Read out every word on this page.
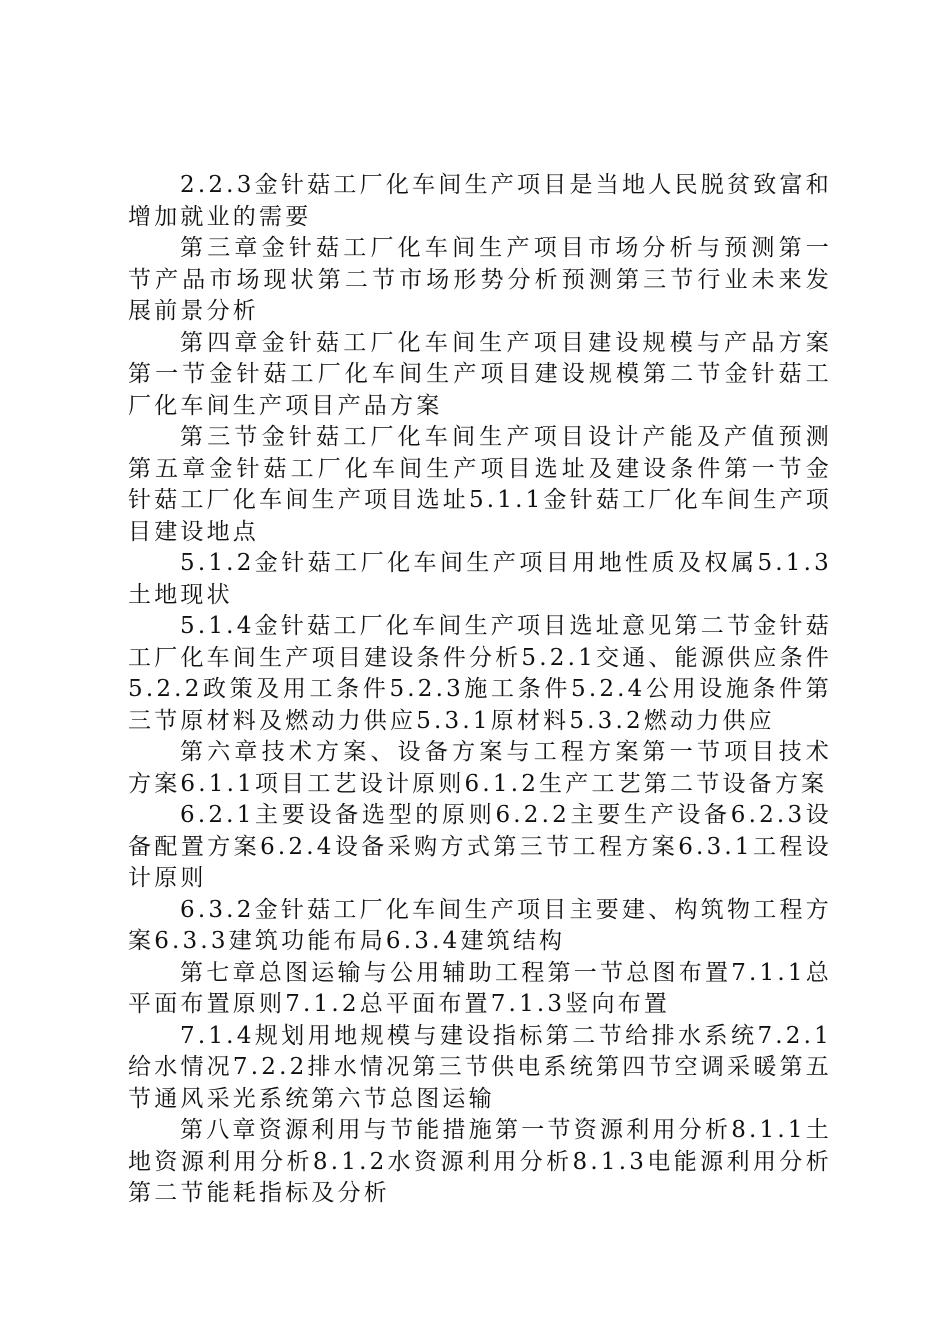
2.2.3金针菇工厂化车间生产项目是当地人民脱贫致富和增加就业的需要

第三章金针菇工厂化车间生产项目市场分析与预测第一节产品市场现状第二节市场形势分析预测第三节行业未来发展前景分析

第四章金针菇工厂化车间生产项目建设规模与产品方案第一节金针菇工厂化车间生产项目建设规模第二节金针菇工厂化车间生产项目产品方案

第三节金针菇工厂化车间生产项目设计产能及产值预测第五章金针菇工厂化车间生产项目选址及建设条件第一节金针菇工厂化车间生产项目选址5.1.1金针菇工厂化车间生产项目建设地点

5.1.2金针菇工厂化车间生产项目用地性质及权属5.1.3土地现状

5.1.4金针菇工厂化车间生产项目选址意见第二节金针菇工厂化车间生产项目建设条件分析5.2.1交通、能源供应条件5.2.2政策及用工条件5.2.3施工条件5.2.4公用设施条件第三节原材料及燃动力供应5.3.1原材料5.3.2燃动力供应

第六章技术方案、设备方案与工程方案第一节项目技术方案6.1.1项目工艺设计原则6.1.2生产工艺第二节设备方案

6.2.1主要设备选型的原则6.2.2主要生产设备6.2.3设备配置方案6.2.4设备采购方式第三节工程方案6.3.1工程设计原则

6.3.2金针菇工厂化车间生产项目主要建、构筑物工程方案6.3.3建筑功能布局6.3.4建筑结构

第七章总图运输与公用辅助工程第一节总图布置7.1.1总平面布置原则7.1.2总平面布置7.1.3竖向布置

7.1.4规划用地规模与建设指标第二节给排水系统7.2.1给水情况7.2.2排水情况第三节供电系统第四节空调采暖第五节通风采光系统第六节总图运输

第八章资源利用与节能措施第一节资源利用分析8.1.1土地资源利用分析8.1.2水资源利用分析8.1.3电能源利用分析第二节能耗指标及分析
